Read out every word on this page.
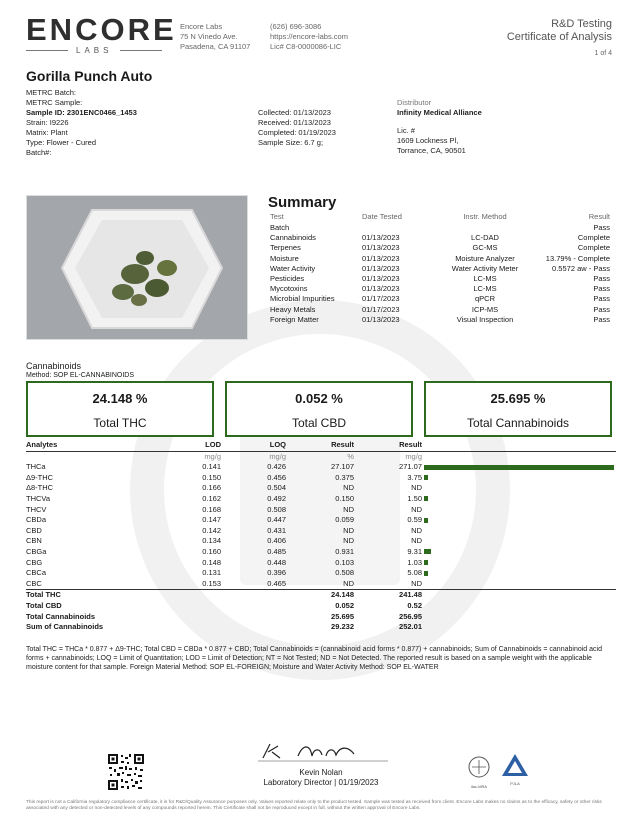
ENCORE
LABS
Encore Labs
75 N Vinedo Ave.
Pasadena, CA 91107
(626) 696-3086
https://encore-labs.com
Lic# C8-0000086-LIC
R&D Testing
Certificate of Analysis
1 of 4
Gorilla Punch Auto
METRC Batch:
METRC Sample:
Sample ID: 2301ENC0466_1453
Strain: I9226
Matrix: Plant
Type: Flower - Cured
Batch#:
Collected: 01/13/2023
Received: 01/13/2023
Completed: 01/19/2023
Sample Size: 6.7 g;
Distributor
Infinity Medical Alliance
Lic. #
1609 Lockness Pl,
Torrance, CA, 90501
Summary
Test	Date Tested	Instr. Method	Result
Batch			Pass
Cannabinoids	01/13/2023	LC-DAD	Complete
Terpenes	01/13/2023	GC-MS	Complete
Moisture	01/13/2023	Moisture Analyzer	13.79% - Complete
Water Activity	01/13/2023	Water Activity Meter	0.5572 aw - Pass
Pesticides	01/13/2023	LC-MS	Pass
Mycotoxins	01/13/2023	LC-MS	Pass
Microbial Impurities	01/17/2023	qPCR	Pass
Heavy Metals	01/17/2023	ICP-MS	Pass
Foreign Matter	01/13/2023	Visual Inspection	Pass
Cannabinoids
Method: SOP EL-CANNABINOIDS
24.148 %
Total THC
0.052 %
Total CBD
25.695 %
Total Cannabinoids
Analytes	LOD	LOQ	Result	Result	
	mg/g	mg/g	%	mg/g	
THCa	0.141	0.426	27.107	271.07	
Δ9-THC	0.150	0.456	0.375	3.75	
Δ8-THC	0.166	0.504	ND	ND	
THCVa	0.162	0.492	0.150	1.50	
THCV	0.168	0.508	ND	ND	
CBDa	0.147	0.447	0.059	0.59	
CBD	0.142	0.431	ND	ND	
CBN	0.134	0.406	ND	ND	
CBGa	0.160	0.485	0.931	9.31	
CBG	0.148	0.448	0.103	1.03	
CBCa	0.131	0.396	0.508	5.08	
CBC	0.153	0.465	ND	ND	
Total THC			24.148	241.48	
Total CBD			0.052	0.52	
Total Cannabinoids			25.695	256.95	
Sum of Cannabinoids			29.232	252.01	
Total THC = THCa * 0.877 + Δ9-THC; Total CBD = CBDa * 0.877 + CBD; Total Cannabinoids = (cannabinoid acid forms * 0.877) + cannabinoids; Sum of Cannabinoids = cannabinoid acid forms + cannabinoids; LOQ = Limit of Quantitation; LOD = Limit of Detection; NT = Not Tested; ND = Not Detected. The reported result is based on a sample weight with the applicable moisture content for that sample. Foreign Material Method: SOP EL-FOREIGN; Moisture and Water Activity Method: SOP EL-WATER
Kevin Nolan
Laboratory Director | 01/19/2023	ilac-MRA
PJLA
This report is not a California regulatory compliance certificate, it is for R&D/Quality Assurance purposes only. Values reported relate only to the product tested. Sample was tested as received from client. Encore Labs makes no claims as to the efficacy, safety or other risks associated with any detected or non-detected levels of any compounds reported herein. This Certificate shall not be reproduced except in full, without the written approval of Encore Labs.
